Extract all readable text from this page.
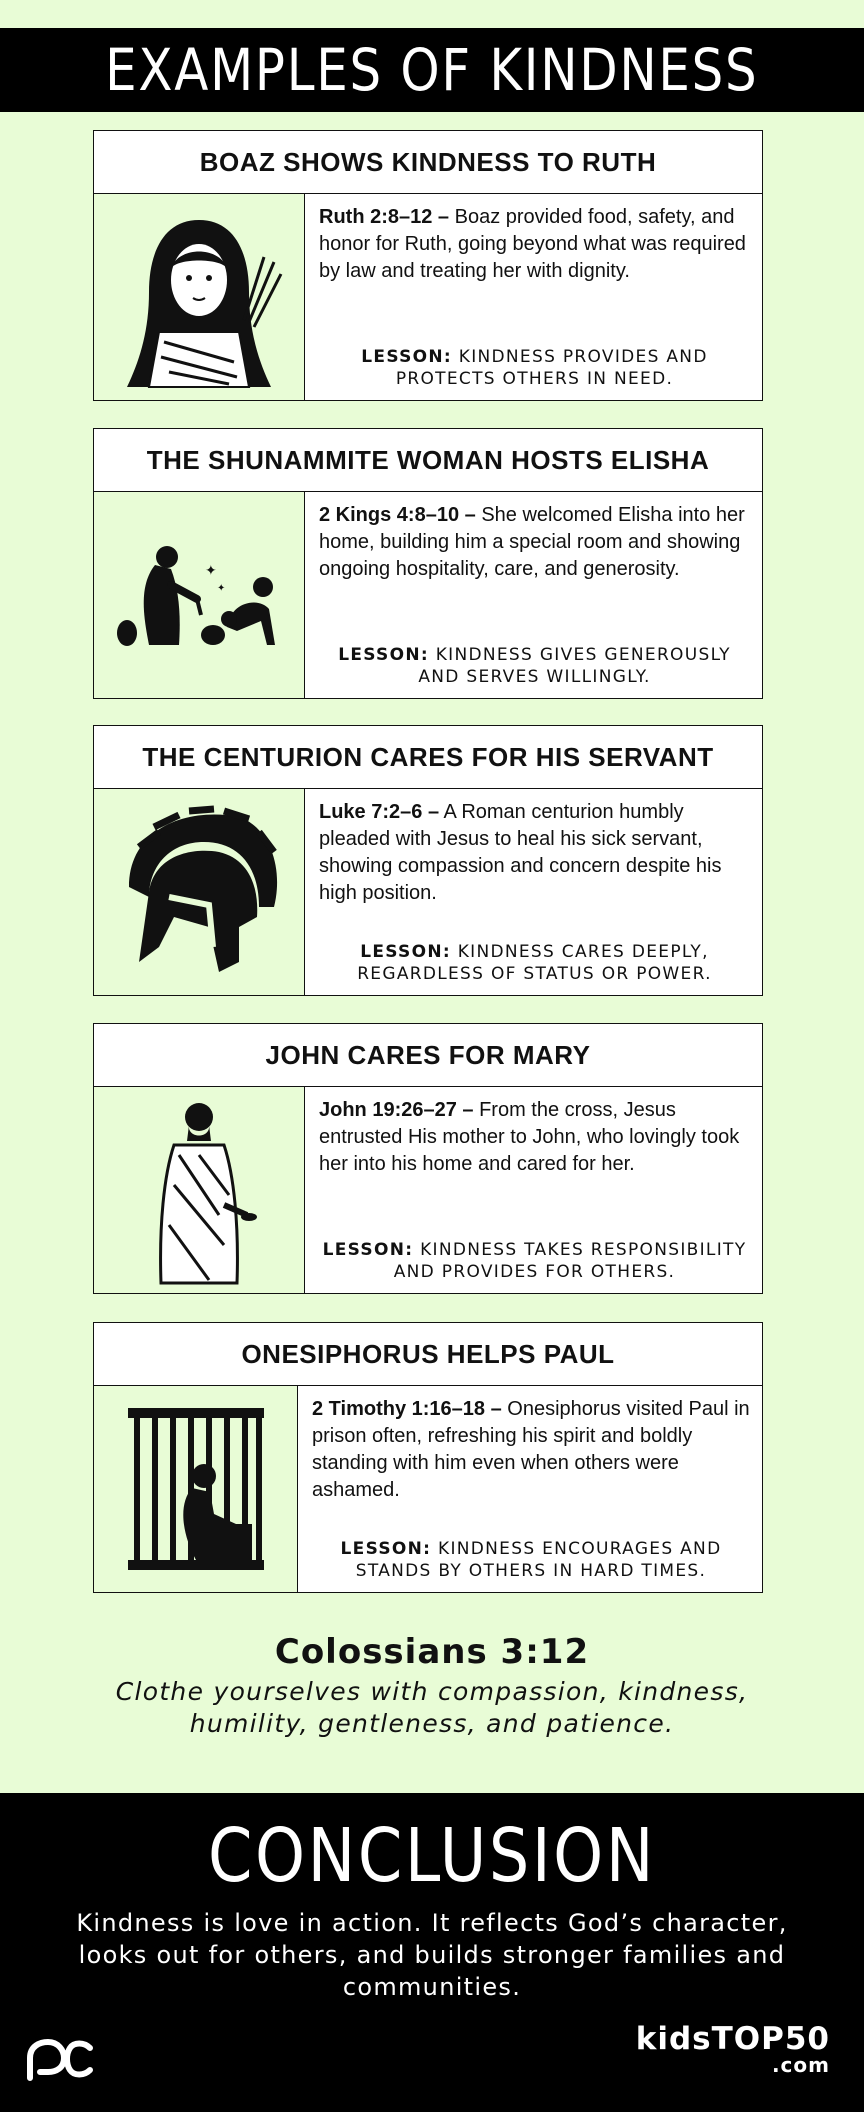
EXAMPLES OF KINDNESS
BOAZ SHOWS KINDNESS TO RUTH
Ruth 2:8–12 – Boaz provided food, safety, and honor for Ruth, going beyond what was required by law and treating her with dignity.
LESSON: KINDNESS PROVIDES AND PROTECTS OTHERS IN NEED.
THE SHUNAMMITE WOMAN HOSTS ELISHA
✦
✦
2 Kings 4:8–10 – She welcomed Elisha into her home, building him a special room and showing ongoing hospitality, care, and generosity.
LESSON: KINDNESS GIVES GENEROUSLY AND SERVES WILLINGLY.
THE CENTURION CARES FOR HIS SERVANT
Luke 7:2–6 – A Roman centurion humbly pleaded with Jesus to heal his sick servant, showing compassion and concern despite his high position.
LESSON: KINDNESS CARES DEEPLY, REGARDLESS OF STATUS OR POWER.
JOHN CARES FOR MARY
John 19:26–27 – From the cross, Jesus entrusted His mother to John, who lovingly took her into his home and cared for her.
LESSON: KINDNESS TAKES RESPONSIBILITY AND PROVIDES FOR OTHERS.
ONESIPHORUS HELPS PAUL
2 Timothy 1:16–18 – Onesiphorus visited Paul in prison often, refreshing his spirit and boldly standing with him even when others were ashamed.
LESSON: KINDNESS ENCOURAGES AND STANDS BY OTHERS IN HARD TIMES.
Colossians 3:12
Clothe yourselves with compassion, kindness, humility, gentleness, and patience.
CONCLUSION

Kindness is love in action. It reflects God’s character, looks out for others, and builds stronger families and communities.

kidsTOP50
.com
